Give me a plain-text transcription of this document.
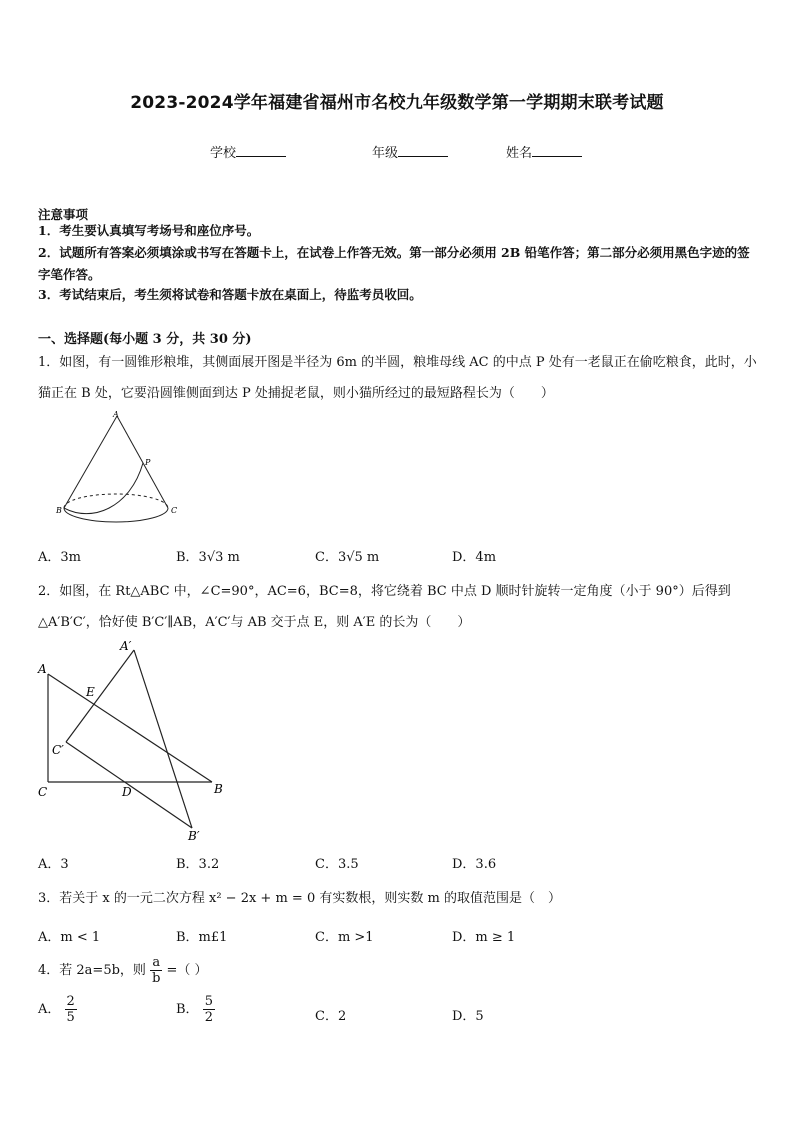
2023-2024学年福建省福州市名校九年级数学第一学期期末联考试题
学校	年级	姓名
注意事项
1．考生要认真填写考场号和座位序号。
2．试题所有答案必须填涂或书写在答题卡上，在试卷上作答无效。第一部分必须用 2B 铅笔作答；第二部分必须用黑色字迹的签字笔作答。
3．考试结束后，考生须将试卷和答题卡放在桌面上，待监考员收回。
一、选择题(每小题 3 分，共 30 分)
1．如图，有一圆锥形粮堆，其侧面展开图是半径为 6m 的半圆，粮堆母线 AC 的中点 P 处有一老鼠正在偷吃粮食，此时，小猫正在 B 处，它要沿圆锥侧面到达 P 处捕捉老鼠，则小猫所经过的最短路程长为（　　）
A
P
B	C
A．3m	B．3√3 m	C．3√5 m	D．4m
2．如图，在 Rt△ABC 中，∠C=90°，AC=6，BC=8，将它绕着 BC 中点 D 顺时针旋转一定角度（小于 90°）后得到△A′B′C′，恰好使 B′C′∥AB，A′C′与 AB 交于点 E，则 A′E 的长为（　　）
A′
A
E
C′
C	D	B
B′
A．3	B．3.2	C．3.5	D．3.6
3．若关于 x 的一元二次方程 x² − 2x + m = 0 有实数根，则实数 m 的取值范围是（　）
A．m < 1	B．m£1	C．m >1	D．m ≥ 1
4．若 2a=5b，则 $\frac{a}{b}$ =（ ）
A． $\frac{2}{5}$	B． $\frac{5}{2}$	C．2	D．5
